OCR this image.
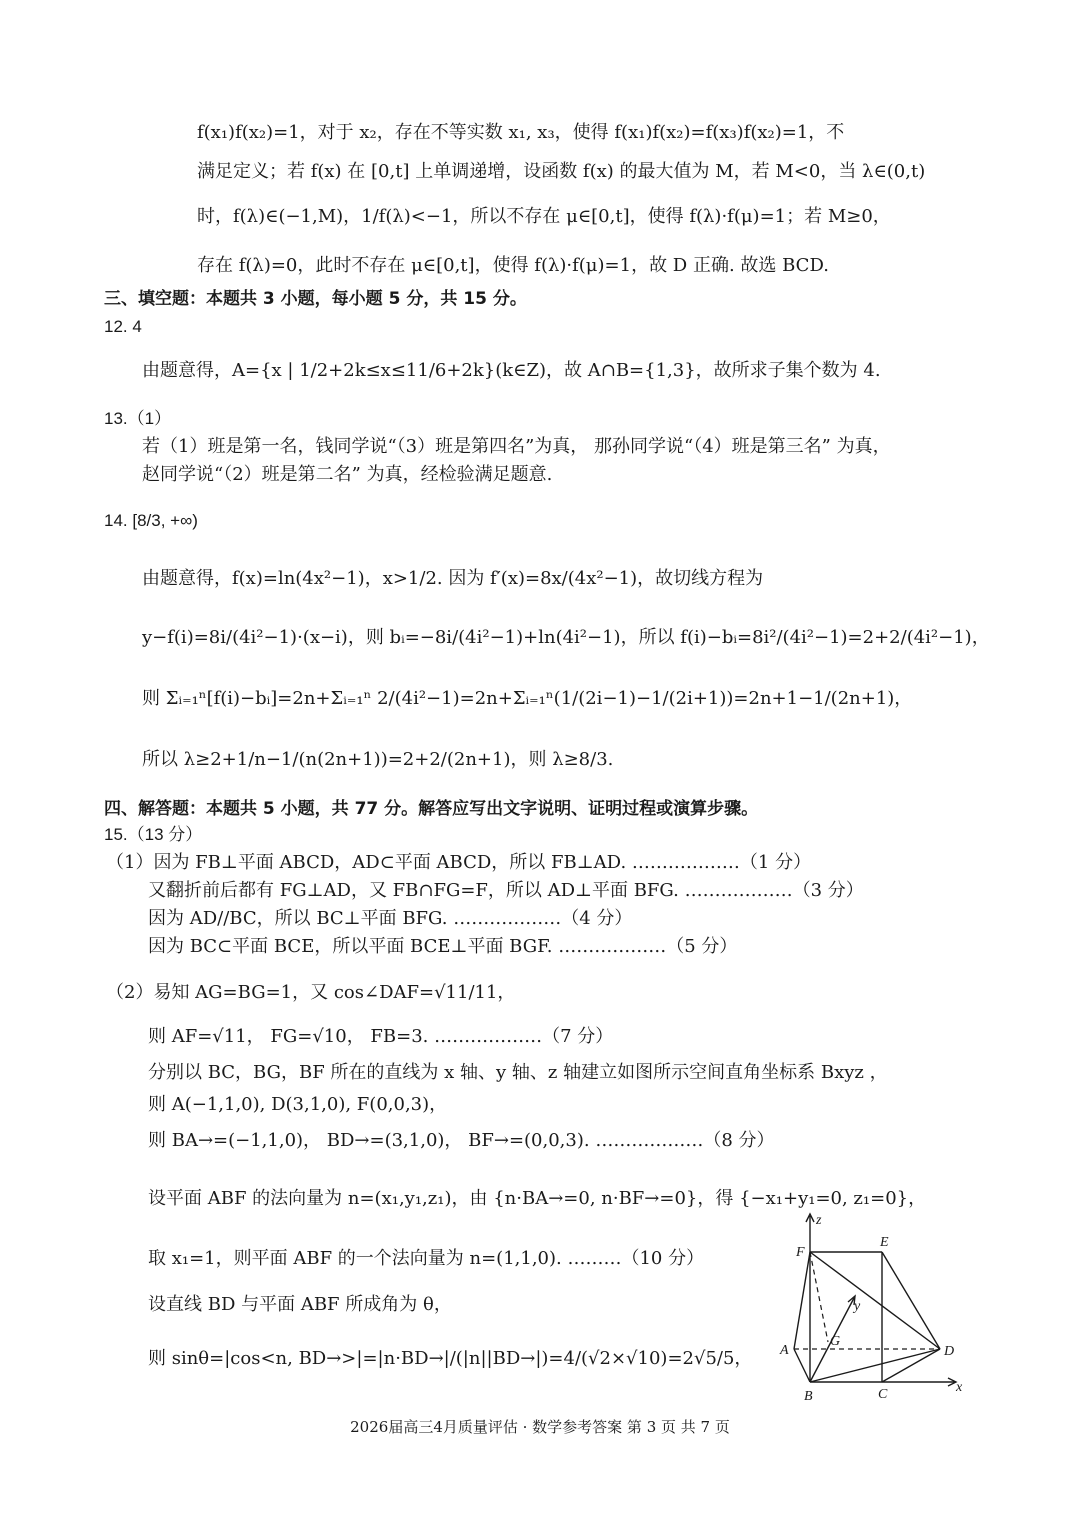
f(x₁)f(x₂)=1，对于 x₂，存在不等实数 x₁, x₃，使得 f(x₁)f(x₂)=f(x₃)f(x₂)=1，不
满足定义；若 f(x) 在 [0,t] 上单调递增，设函数 f(x) 的最大值为 M，若 M<0，当 λ∈(0,t)
时，f(λ)∈(−1,M)，1/f(λ)<−1，所以不存在 μ∈[0,t]，使得 f(λ)·f(μ)=1；若 M≥0，
存在 f(λ)=0，此时不存在 μ∈[0,t]，使得 f(λ)·f(μ)=1，故 D 正确. 故选 BCD.
三、填空题：本题共 3 小题，每小题 5 分，共 15 分。
12. 4
由题意得，A={x | 1/2+2k≤x≤11/6+2k}(k∈Z)，故 A∩B={1,3}，故所求子集个数为 4.
13.（1）
若（1）班是第一名，钱同学说“（3）班是第四名”为真， 那孙同学说“（4）班是第三名” 为真，
赵同学说“（2）班是第二名” 为真，经检验满足题意.
14. [8/3, +∞)
由题意得，f(x)=ln(4x²−1)，x>1/2. 因为 f′(x)=8x/(4x²−1)，故切线方程为
y−f(i)=8i/(4i²−1)·(x−i)，则 bᵢ=−8i/(4i²−1)+ln(4i²−1)，所以 f(i)−bᵢ=8i²/(4i²−1)=2+2/(4i²−1)，
则 Σᵢ₌₁ⁿ[f(i)−bᵢ]=2n+Σᵢ₌₁ⁿ 2/(4i²−1)=2n+Σᵢ₌₁ⁿ(1/(2i−1)−1/(2i+1))=2n+1−1/(2n+1)，
所以 λ≥2+1/n−1/(n(2n+1))=2+2/(2n+1)，则 λ≥8/3.
四、解答题：本题共 5 小题，共 77 分。解答应写出文字说明、证明过程或演算步骤。
15.（13 分）
（1）因为 FB⊥平面 ABCD，AD⊂平面 ABCD，所以 FB⊥AD. ………………（1 分）
又翻折前后都有 FG⊥AD，又 FB∩FG=F，所以 AD⊥平面 BFG. ………………（3 分）
因为 AD//BC，所以 BC⊥平面 BFG. ………………（4 分）
因为 BC⊂平面 BCE，所以平面 BCE⊥平面 BGF. ………………（5 分）
（2）易知 AG=BG=1，又 cos∠DAF=√11/11，
则 AF=√11， FG=√10， FB=3. ………………（7 分）
分别以 BC，BG，BF 所在的直线为 x 轴、y 轴、z 轴建立如图所示空间直角坐标系 Bxyz ，
则 A(−1,1,0), D(3,1,0), F(0,0,3)，
则 BA→=(−1,1,0)， BD→=(3,1,0)， BF→=(0,0,3). ………………（8 分）
设平面 ABF 的法向量为 n=(x₁,y₁,z₁)，由 {n·BA→=0, n·BF→=0}，得 {−x₁+y₁=0, z₁=0}，
取 x₁=1，则平面 ABF 的一个法向量为 n=(1,1,0). ………（10 分）
设直线 BD 与平面 ABF 所成角为 θ，
则 sinθ=|cos<n, BD→>|=|n·BD→|/(|n||BD→|)=4/(√2×√10)=2√5/5，
z
F
E
y
A
G
D
B	C	x
2026届高三4月质量评估 · 数学参考答案 第 3 页 共 7 页
